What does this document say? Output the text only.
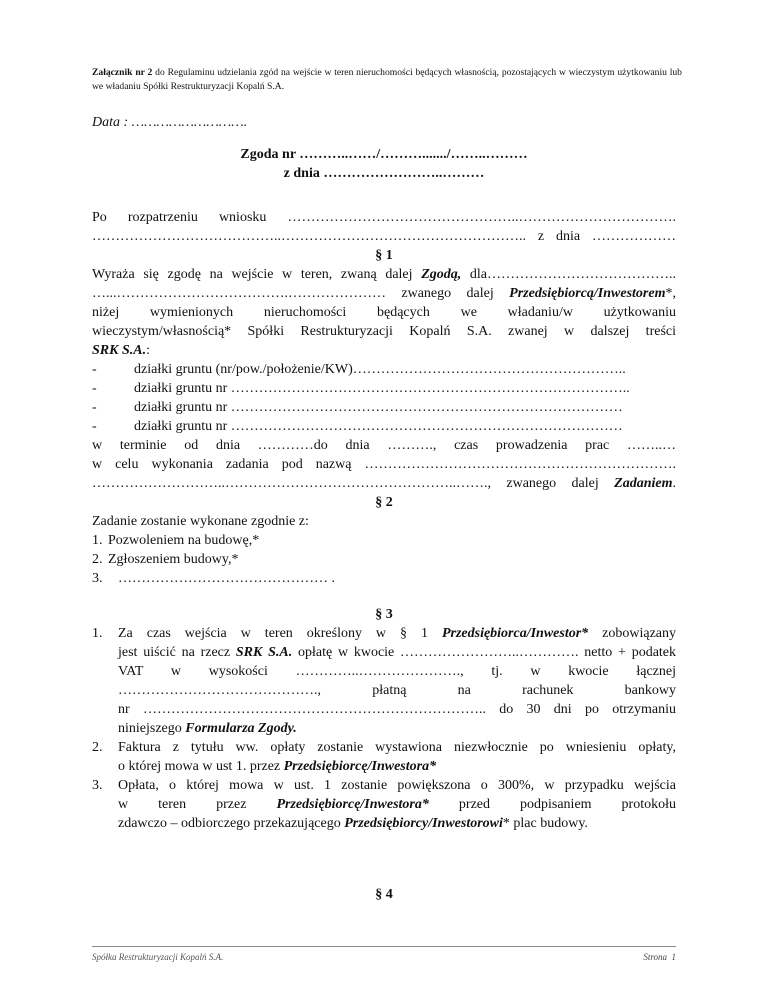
Załącznik nr 2 do Regulaminu udzielania zgód na wejście w teren nieruchomości będących własnością, pozostających w wieczystym użytkowaniu lub we władaniu Spółki Restrukturyzacji Kopalń S.A.
Data : ……………………….
Zgoda nr ………..……/………......./……..………
z dnia ……………………..………
Po rozpatrzeniu wniosku …………………………………………..…………………………….
…………………………………..…………………………………………….. z dnia ………………
§ 1
Wyraża się zgodę na wejście w teren, zwaną dalej Zgodą, dla…………………………………..
…...……………………………….………………… zwanego dalej Przedsiębiorcą/Inwestorem*,
niżej wymienionych nieruchomości będących we władaniu/w użytkowaniu
wieczystym/własnością* Spółki Restrukturyzacji Kopalń S.A. zwanej w dalszej treści
SRK S.A.:
-	działki gruntu (nr/pow./położenie/KW)…………………………………………………..
-	działki gruntu nr …………………………………………………………………………..
-	działki gruntu nr …………………………………………………………………………
-	działki gruntu nr …………………………………………………………………………
w terminie od dnia …………do dnia ………., czas prowadzenia prac ……..…
w celu wykonania zadania pod nazwą ………………………………………………………….
………………………..…………………………………………..……., zwanego dalej Zadaniem.
§ 2
Zadanie zostanie wykonane zgodnie z:
1. Pozwoleniem na budowę,*
2. Zgłoszeniem budowy,*
3.	……………………………………… .
§ 3
1.	Za czas wejścia w teren określony w § 1 Przedsiębiorca/Inwestor* zobowiązany
jest uiścić na rzecz SRK S.A. opłatę w kwocie ……………………..…………. netto + podatek
VAT w wysokości …………..…………………., tj. w kwocie łącznej
……………………………………., płatną na rachunek bankowy
nr ……………………………………………………………….. do 30 dni po otrzymaniu
niniejszego Formularza Zgody.
2.	Faktura z tytułu ww. opłaty zostanie wystawiona niezwłocznie po wniesieniu opłaty,
o której mowa w ust 1. przez Przedsiębiorcę/Inwestora*
3.	Opłata, o której mowa w ust. 1 zostanie powiększona o 300%, w przypadku wejścia
w teren przez Przedsiębiorcę/Inwestora* przed podpisaniem protokołu
zdawczo – odbiorczego przekazującego Przedsiębiorcy/Inwestorowi* plac budowy.
§ 4
Spółka Restrukturyzacji Kopalń S.A.	Strona 1
